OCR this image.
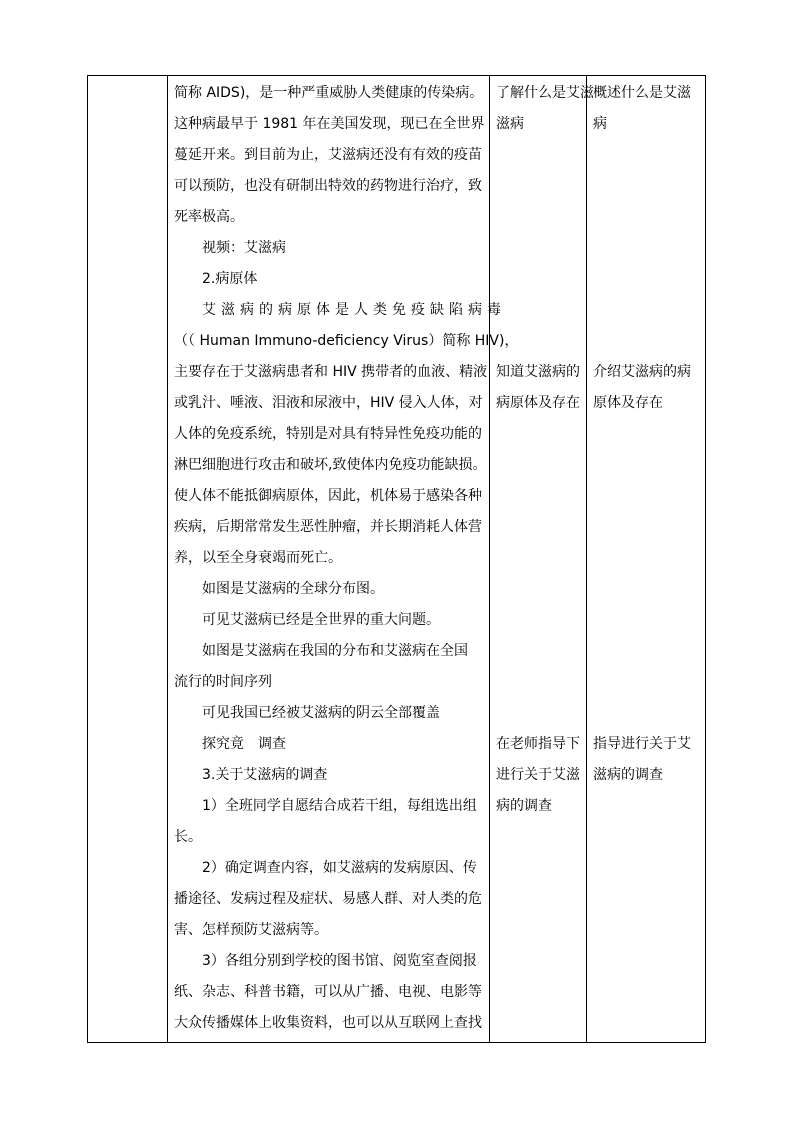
简称 AIDS)，是一种严重威胁人类健康的传染病。
这种病最早于 1981 年在美国发现，现已在全世界
蔓延开来。到目前为止，艾滋病还没有有效的疫苗
可以预防，也没有研制出特效的药物进行治疗，致
死率极高。
视频：艾滋病
2.病原体
艾滋病的病原体是人类免疫缺陷病毒
（（ Human Immuno-deficiency Virus）简称 HIV)，
主要存在于艾滋病患者和 HIV 携带者的血液、精液
或乳汁、唾液、泪液和尿液中，HIV 侵入人体，对
人体的免疫系统，特别是对具有特异性免疫功能的
淋巴细胞进行攻击和破坏,致使体内免疫功能缺损。
使人体不能抵御病原体，因此，机体易于感染各种
疾病，后期常常发生恶性肿瘤，并长期消耗人体营
养，以至全身衰竭而死亡。
如图是艾滋病的全球分布图。
可见艾滋病已经是全世界的重大问题。
如图是艾滋病在我国的分布和艾滋病在全国
流行的时间序列
可见我国已经被艾滋病的阴云全部覆盖
探究竟　调查
3.关于艾滋病的调查
1）全班同学自愿结合成若干组，每组选出组
长。
2）确定调查内容，如艾滋病的发病原因、传
播途径、发病过程及症状、易感人群、对人类的危
害、怎样预防艾滋病等。
3）各组分别到学校的图书馆、阅览室查阅报
纸、杂志、科普书籍，可以从广播、电视、电影等
大众传播媒体上收集资料，也可以从互联网上查找
了解什么是艾滋
滋病
知道艾滋病的
病原体及存在
在老师指导下
进行关于艾滋
病的调查
概述什么是艾滋
病
介绍艾滋病的病
原体及存在
指导进行关于艾
滋病的调查
